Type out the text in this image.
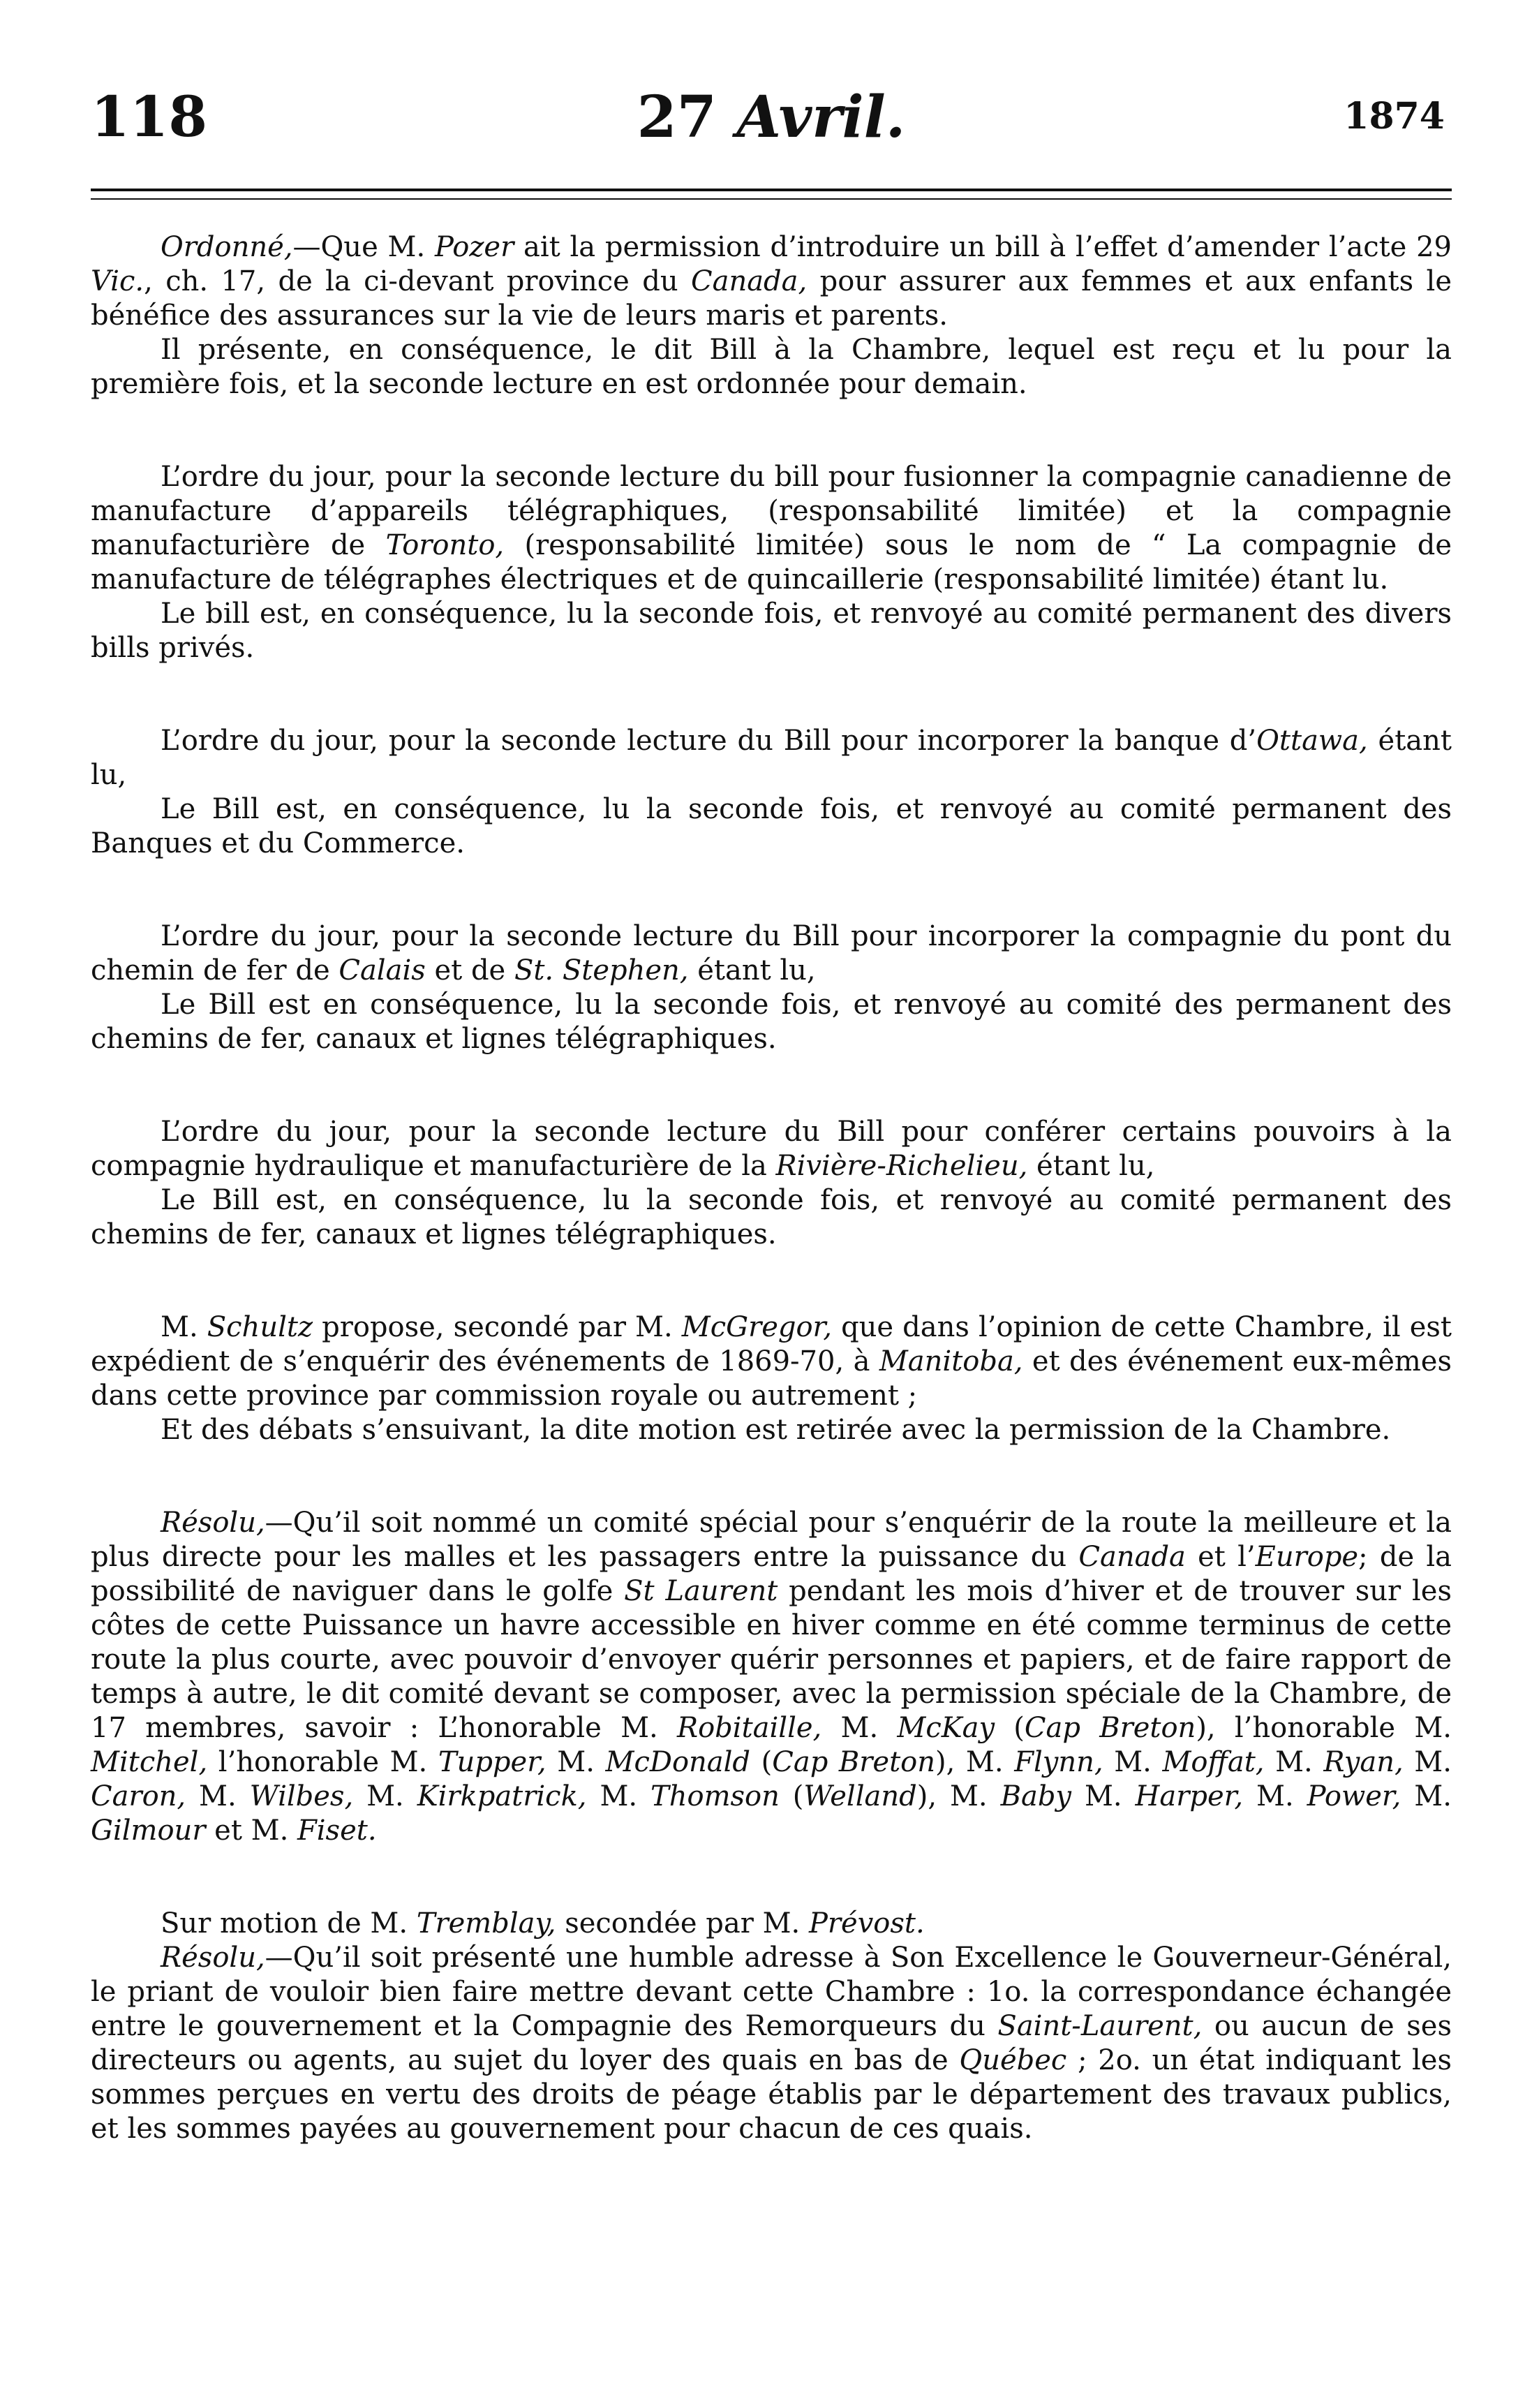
118	27 Avril.	1874

Ordonné,—Que M. Pozer ait la permission d’introduire un bill à l’effet d’amender l’acte 29 Vic., ch. 17, de la ci-devant province du Canada, pour assurer aux femmes et aux enfants le bénéfice des assurances sur la vie de leurs maris et parents.

Il présente, en conséquence, le dit Bill à la Chambre, lequel est reçu et lu pour la première fois, et la seconde lecture en est ordonnée pour demain.

L’ordre du jour, pour la seconde lecture du bill pour fusionner la compagnie canadienne de manufacture d’appareils télégraphiques, (responsabilité limitée) et la compagnie manufacturière de Toronto, (responsabilité limitée) sous le nom de “ La compagnie de manufacture de télégraphes électriques et de quincaillerie (responsabilité limitée) étant lu.

Le bill est, en conséquence, lu la seconde fois, et renvoyé au comité permanent des divers bills privés.

L’ordre du jour, pour la seconde lecture du Bill pour incorporer la banque d’Ottawa, étant lu,

Le Bill est, en conséquence, lu la seconde fois, et renvoyé au comité permanent des Banques et du Commerce.

L’ordre du jour, pour la seconde lecture du Bill pour incorporer la compagnie du pont du chemin de fer de Calais et de St. Stephen, étant lu,

Le Bill est en conséquence, lu la seconde fois, et renvoyé au comité des permanent des chemins de fer, canaux et lignes télégraphiques.

L’ordre du jour, pour la seconde lecture du Bill pour conférer certains pouvoirs à la compagnie hydraulique et manufacturière de la Rivière-Richelieu, étant lu,

Le Bill est, en conséquence, lu la seconde fois, et renvoyé au comité permanent des chemins de fer, canaux et lignes télégraphiques.

M. Schultz propose, secondé par M. McGregor, que dans l’opinion de cette Chambre, il est expédient de s’enquérir des événements de 1869-70, à Manitoba, et des événement eux-mêmes dans cette province par commission royale ou autrement ;

Et des débats s’ensuivant, la dite motion est retirée avec la permission de la Chambre.

Résolu,—Qu’il soit nommé un comité spécial pour s’enquérir de la route la meilleure et la plus directe pour les malles et les passagers entre la puissance du Canada et l’Europe; de la possibilité de naviguer dans le golfe St Laurent pendant les mois d’hiver et de trouver sur les côtes de cette Puissance un havre accessible en hiver comme en été comme terminus de cette route la plus courte, avec pouvoir d’envoyer quérir personnes et papiers, et de faire rapport de temps à autre, le dit comité devant se composer, avec la permission spéciale de la Chambre, de 17 membres, savoir : L’honorable M. Robitaille, M. McKay (Cap Breton), l’honorable M. Mitchel, l’honorable M. Tupper, M. McDonald (Cap Breton), M. Flynn, M. Moffat, M. Ryan, M. Caron, M. Wilbes, M. Kirkpatrick, M. Thomson (Welland), M. Baby M. Harper, M. Power, M. Gilmour et M. Fiset.

Sur motion de M. Tremblay, secondée par M. Prévost.

Résolu,—Qu’il soit présenté une humble adresse à Son Excellence le Gouverneur-Général, le priant de vouloir bien faire mettre devant cette Chambre : 1o. la correspondance échangée entre le gouvernement et la Compagnie des Remorqueurs du Saint-Laurent, ou aucun de ses directeurs ou agents, au sujet du loyer des quais en bas de Québec ; 2o. un état indiquant les sommes perçues en vertu des droits de péage établis par le département des travaux publics, et les sommes payées au gouvernement pour chacun de ces quais.
